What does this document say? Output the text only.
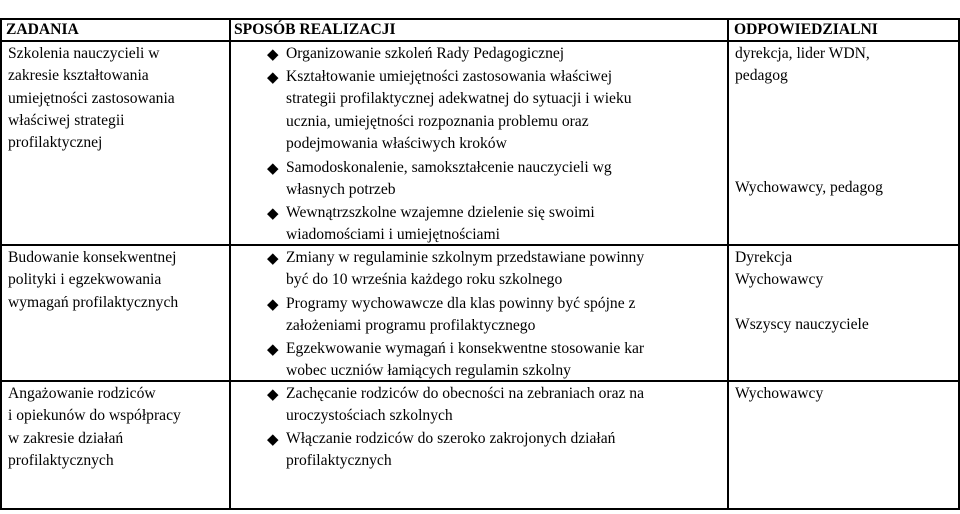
ZADANIA	SPOSÓB REALIZACJI	ODPOWIEDZIALNI
Szkolenia nauczycieli w
zakresie kształtowania
umiejętności zastosowania
właściwej strategii
profilaktycznej
◆ Organizowanie szkoleń Rady Pedagogicznej
◆ Kształtowanie umiejętności zastosowania właściwej
strategii profilaktycznej adekwatnej do sytuacji i wieku
ucznia, umiejętności rozpoznania problemu oraz
podejmowania właściwych kroków
◆ Samodoskonalenie, samokształcenie nauczycieli wg
własnych potrzeb
◆ Wewnątrzszkolne wzajemne dzielenie się swoimi
wiadomościami i umiejętnościami
dyrekcja, lider WDN,
pedagog
Wychowawcy, pedagog
Budowanie konsekwentnej
polityki i egzekwowania
wymagań profilaktycznych
◆ Zmiany w regulaminie szkolnym przedstawiane powinny
być do 10 września każdego roku szkolnego
◆ Programy wychowawcze dla klas powinny być spójne z
założeniami programu profilaktycznego
◆ Egzekwowanie wymagań i konsekwentne stosowanie kar
wobec uczniów łamiących regulamin szkolny
Dyrekcja
Wychowawcy
Wszyscy nauczyciele
Angażowanie rodziców
i opiekunów do współpracy
w zakresie działań
profilaktycznych
◆ Zachęcanie rodziców do obecności na zebraniach oraz na
uroczystościach szkolnych
◆ Włączanie rodziców do szeroko zakrojonych działań
profilaktycznych
Wychowawcy
